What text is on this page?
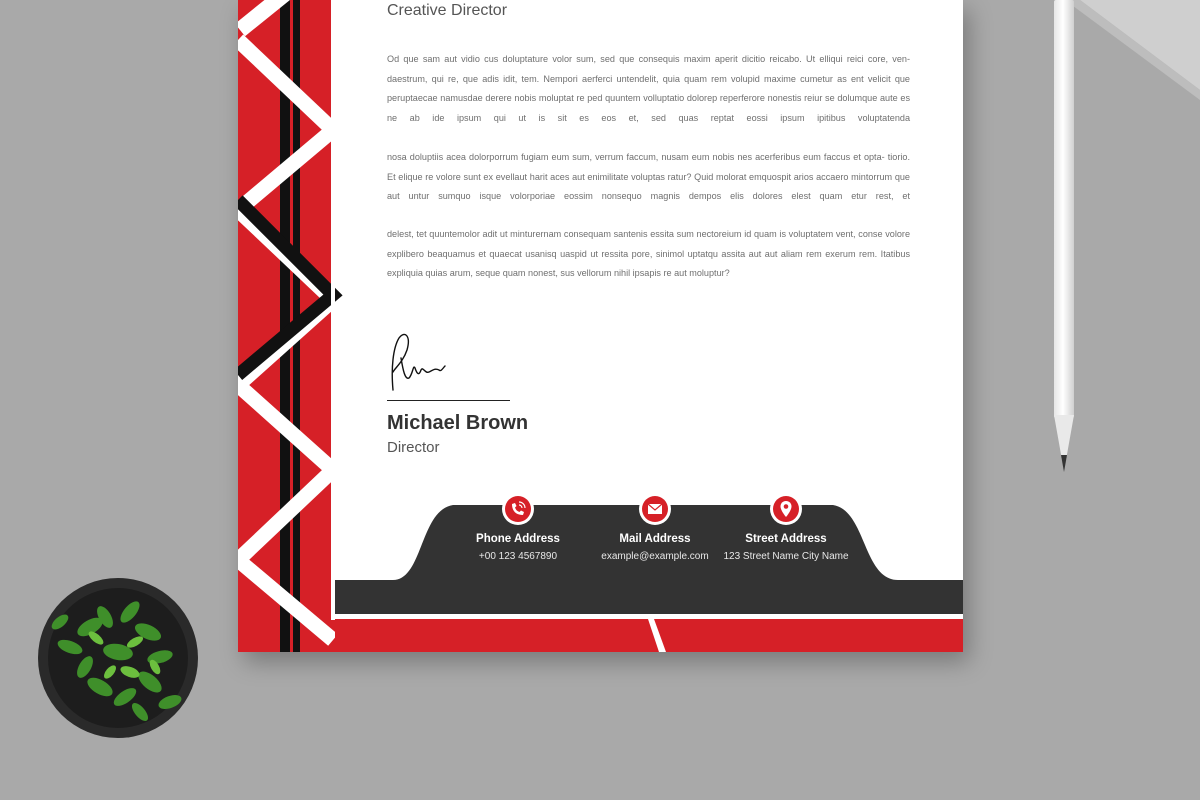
Creative Director

Od que sam aut vidio cus doluptature volor sum, sed que consequis maxim aperit dicitio reicabo. Ut elliqui reici core, ven- daestrum, qui re, que adis idit, tem. Nempori aerferci untendelit, quia quam rem volupid maxime cumetur as ent velicit que peruptaecae namusdae derere nobis moluptat re ped quuntem volluptatio dolorep reperferore nonestis reiur se dolumque aute es ne ab ide ipsum qui ut is sit es eos et, sed quas reptat eossi ipsum ipitibus voluptatenda

nosa doluptiis acea dolorporrum fugiam eum sum, verrum faccum, nusam eum nobis nes acerferibus eum faccus et opta- tiorio. Et elique re volore sunt ex evellaut harit aces aut enimilitate voluptas ratur? Quid molorat emquospit arios accaero mintorrum que aut untur sumquo isque volorporiae eossim nonsequo magnis dempos elis dolores elest quam etur rest, et

delest, tet quuntemolor adit ut minturernam consequam santenis essita sum nectoreium id quam is voluptatem vent, conse volore explibero beaquamus et quaecat usanisq uaspid ut ressita pore, sinimol uptatqu assita aut aut aliam rem exerum rem. Itatibus expliquia quias arum, seque quam nonest, sus vellorum nihil ipsapis re aut moluptur?

Michael Brown

Director

Phone Address
+00 123 4567890
Mail Address
example@example.com
Street Address
123 Street Name City Name
